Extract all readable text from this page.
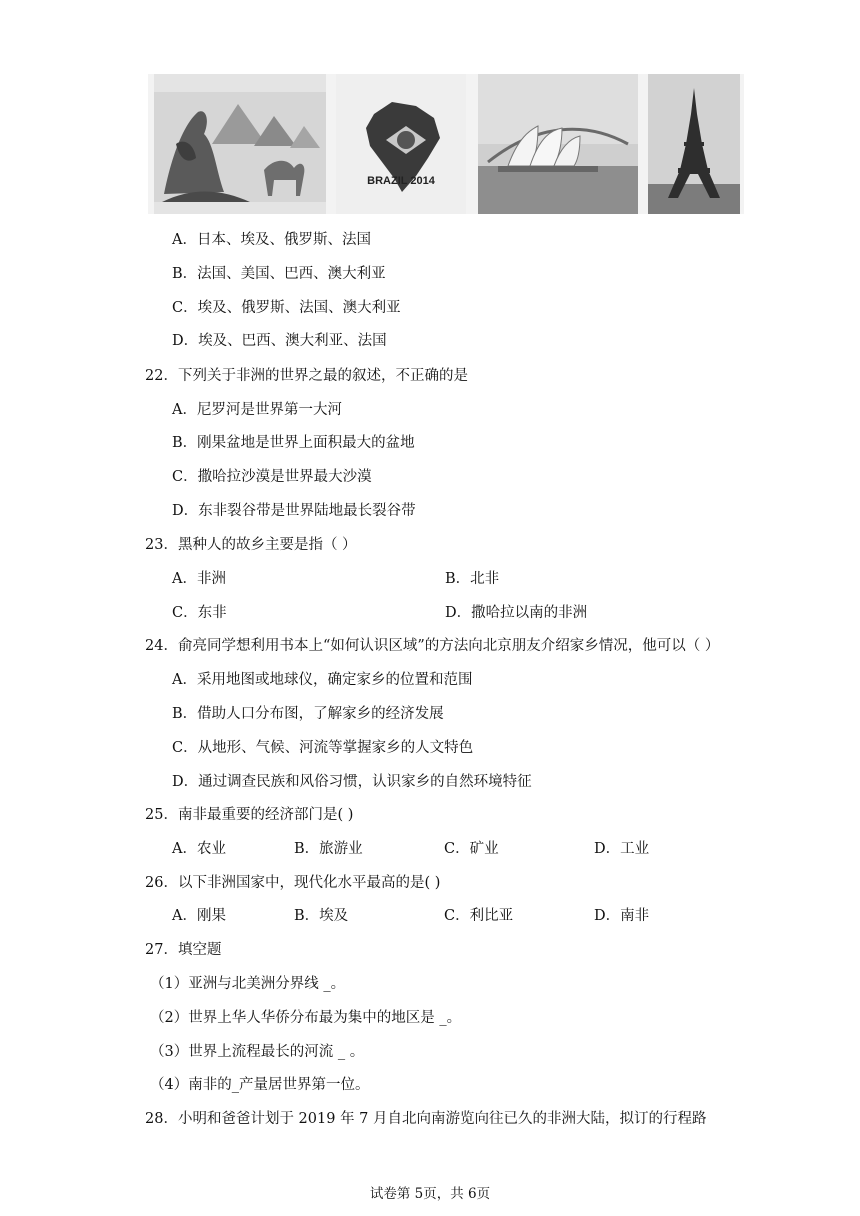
BRAZIL 2014
A．日本、埃及、俄罗斯、法国
B．法国、美国、巴西、澳大利亚
C．埃及、俄罗斯、法国、澳大利亚
D．埃及、巴西、澳大利亚、法国
22．下列关于非洲的世界之最的叙述，不正确的是
A．尼罗河是世界第一大河
B．刚果盆地是世界上面积最大的盆地
C．撒哈拉沙漠是世界最大沙漠
D．东非裂谷带是世界陆地最长裂谷带
23．黑种人的故乡主要是指（ ）
A．非洲	B．北非
C．东非	D．撒哈拉以南的非洲
24．俞亮同学想利用书本上“如何认识区域”的方法向北京朋友介绍家乡情况，他可以（ ）
A．采用地图或地球仪，确定家乡的位置和范围
B．借助人口分布图，了解家乡的经济发展
C．从地形、气候、河流等掌握家乡的人文特色
D．通过调查民族和风俗习惯，认识家乡的自然环境特征
25．南非最重要的经济部门是( )
A．农业	B．旅游业	C．矿业	D．工业
26．以下非洲国家中，现代化水平最高的是( )
A．刚果	B．埃及	C．利比亚	D．南非
27．填空题
（1）亚洲与北美洲分界线 _。
（2）世界上华人华侨分布最为集中的地区是 _。
（3）世界上流程最长的河流 _ 。
（4）南非的_产量居世界第一位。
28．小明和爸爸计划于 2019 年 7 月自北向南游览向往已久的非洲大陆，拟订的行程路
试卷第 5页，共 6页
